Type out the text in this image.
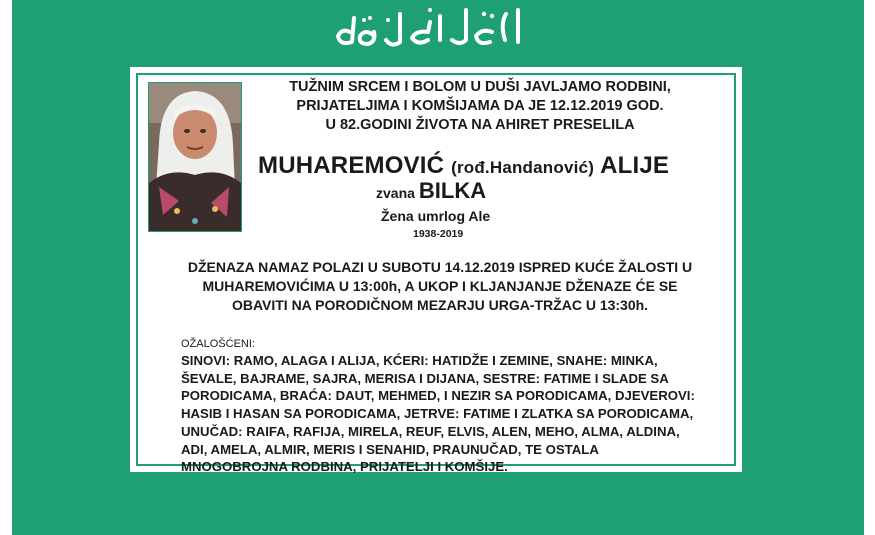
TUŽNIM SRCEM I BOLOM U DUŠI JAVLJAMO RODBINI,
PRIJATELJIMA I KOMŠIJAMA DA JE 12.12.2019 GOD.
U 82.GODINI ŽIVOTA NA AHIRET PRESELILA
MUHAREMOVIĆ (rođ.Handanović) ALIJE
zvana BILKA
Žena umrlog Ale
1938-2019
DŽENAZA NAMAZ POLAZI U SUBOTU 14.12.2019 ISPRED KUĆE ŽALOSTI U
MUHAREMOVIĆIMA U 13:00h, A UKOP I KLJANJANJE DŽENAZE ĆE SE
OBAVITI NA PORODIČNOM MEZARJU URGA-TRŽAC U 13:30h.
OŽALOŠĆENI:
SINOVI: RAMO, ALAGA I ALIJA, KĆERI: HATIDŽE I ZEMINE, SNAHE: MINKA,
ŠEVALE, BAJRAME, SAJRA, MERISA I DIJANA, SESTRE: FATIME I SLADE SA
PORODICAMA, BRAĆA: DAUT, MEHMED, I NEZIR SA PORODICAMA, DJEVEROVI:
HASIB I HASAN SA PORODICAMA, JETRVE: FATIME I ZLATKA SA PORODICAMA,
UNUČAD: RAIFA, RAFIJA, MIRELA, REUF, ELVIS, ALEN, MEHO, ALMA, ALDINA,
ADI, AMELA, ALMIR, MERIS I SENAHID, PRAUNUČAD, TE OSTALA
MNOGOBROJNA RODBINA, PRIJATELJI I KOMŠIJE.
